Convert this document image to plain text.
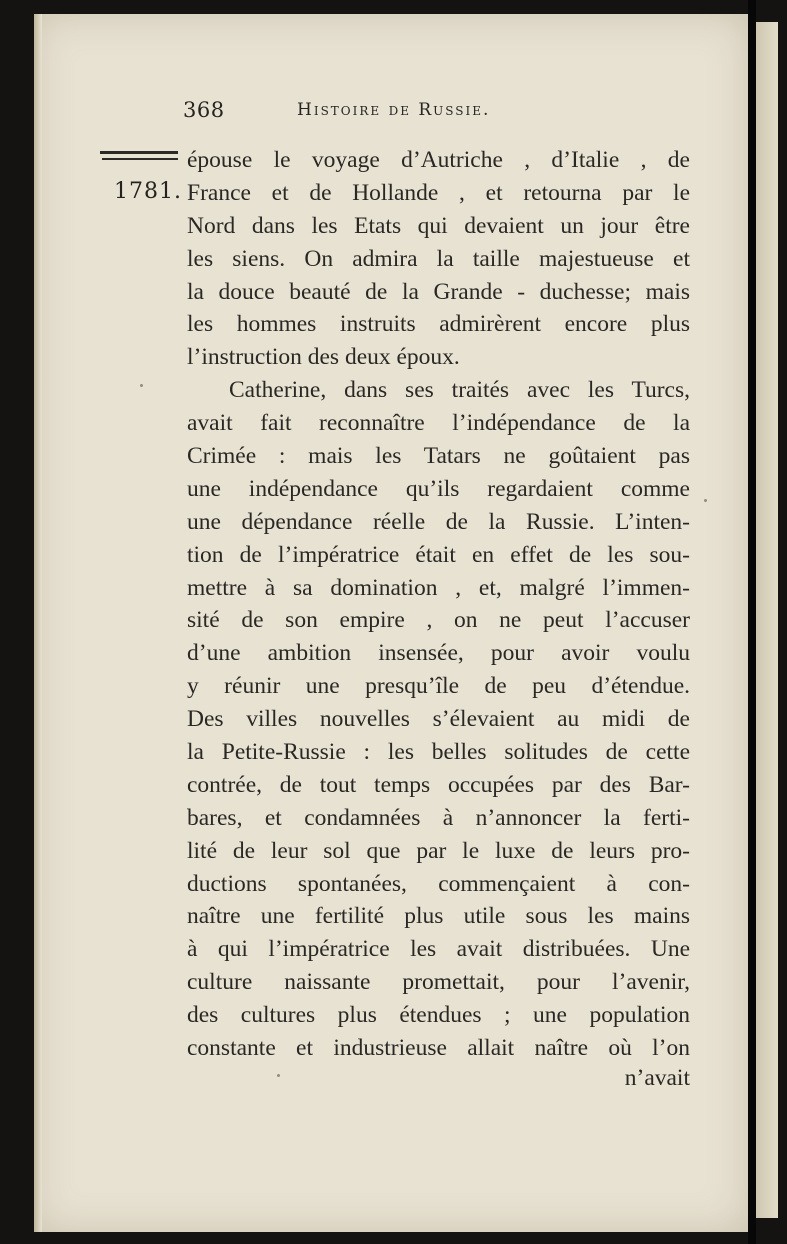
368	Histoire de Russie.
1781.
épouse le voyage d’Autriche , d’Italie , de
France et de Hollande , et retourna par le
Nord dans les Etats qui devaient un jour être
les siens. On admira la taille majestueuse et
la douce beauté de la Grande - duchesse; mais
les hommes instruits admirèrent encore plus
l’instruction des deux époux.
Catherine, dans ses traités avec les Turcs,
avait fait reconnaître l’indépendance de la
Crimée : mais les Tatars ne goûtaient pas
une indépendance qu’ils regardaient comme
une dépendance réelle de la Russie. L’inten-
tion de l’impératrice était en effet de les sou-
mettre à sa domination , et, malgré l’immen-
sité de son empire , on ne peut l’accuser
d’une ambition insensée, pour avoir voulu
y réunir une presqu’île de peu d’étendue.
Des villes nouvelles s’élevaient au midi de
la Petite-Russie : les belles solitudes de cette
contrée, de tout temps occupées par des Bar-
bares, et condamnées à n’annoncer la ferti-
lité de leur sol que par le luxe de leurs pro-
ductions spontanées, commençaient à con-
naître une fertilité plus utile sous les mains
à qui l’impératrice les avait distribuées. Une
culture naissante promettait, pour l’avenir,
des cultures plus étendues ; une population
constante et industrieuse allait naître où l’on
n’avait
